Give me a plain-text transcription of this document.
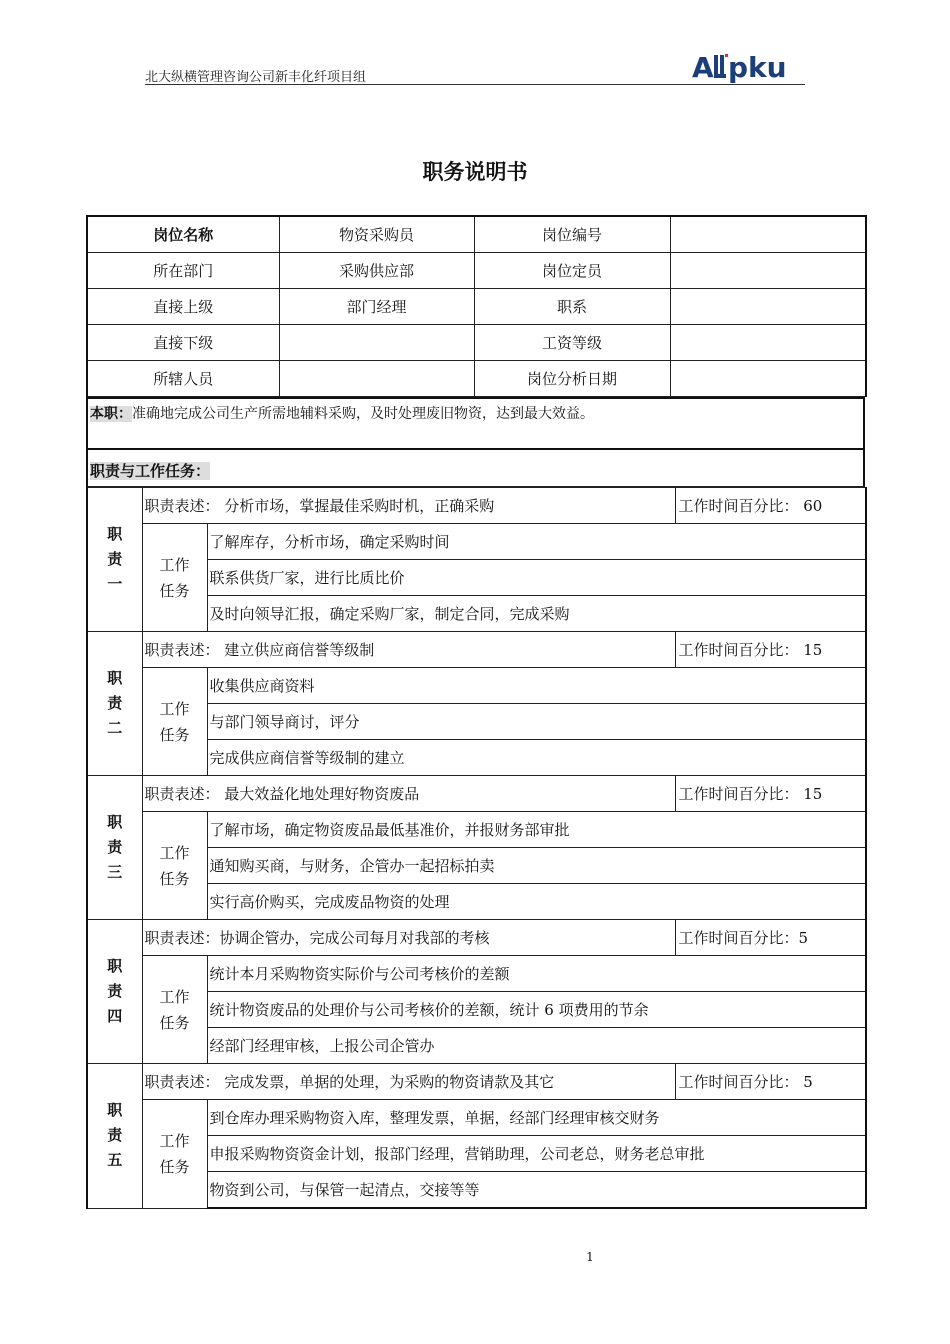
北大纵横管理咨询公司新丰化纤项目组	A pku
职务说明书
岗位名称	物资采购员	岗位编号	
所在部门	采购供应部	岗位定员	
直接上级	部门经理	职系	
直接下级		工资等级	
所辖人员		岗位分析日期	
本职：准确地完成公司生产所需地辅料采购，及时处理废旧物资，达到最大效益。
职责与工作任务：
职
责
一	职责表述： 分析市场，掌握最佳采购时机，正确采购		工作时间百分比： 60
	工作
任务	了解库存，分析市场，确定采购时间	
		联系供货厂家，进行比质比价	
		及时向领导汇报，确定采购厂家，制定合同，完成采购	
职
责
二	职责表述： 建立供应商信誉等级制		工作时间百分比： 15
	工作
任务	收集供应商资料	
		与部门领导商讨，评分	
		完成供应商信誉等级制的建立	
职
责
三	职责表述： 最大效益化地处理好物资废品		工作时间百分比： 15
	工作
任务	了解市场，确定物资废品最低基准价，并报财务部审批	
		通知购买商，与财务，企管办一起招标拍卖	
		实行高价购买，完成废品物资的处理	
职
责
四	职责表述：协调企管办，完成公司每月对我部的考核		工作时间百分比：5
	工作
任务	统计本月采购物资实际价与公司考核价的差额	
		统计物资废品的处理价与公司考核价的差额，统计 6 项费用的节余	
		经部门经理审核，上报公司企管办	
职
责
五	职责表述： 完成发票，单据的处理，为采购的物资请款及其它		工作时间百分比： 5
	工作
任务	到仓库办理采购物资入库，整理发票，单据，经部门经理审核交财务	
		申报采购物资资金计划，报部门经理，营销助理，公司老总，财务老总审批	
		物资到公司，与保管一起清点，交接等等	
1
